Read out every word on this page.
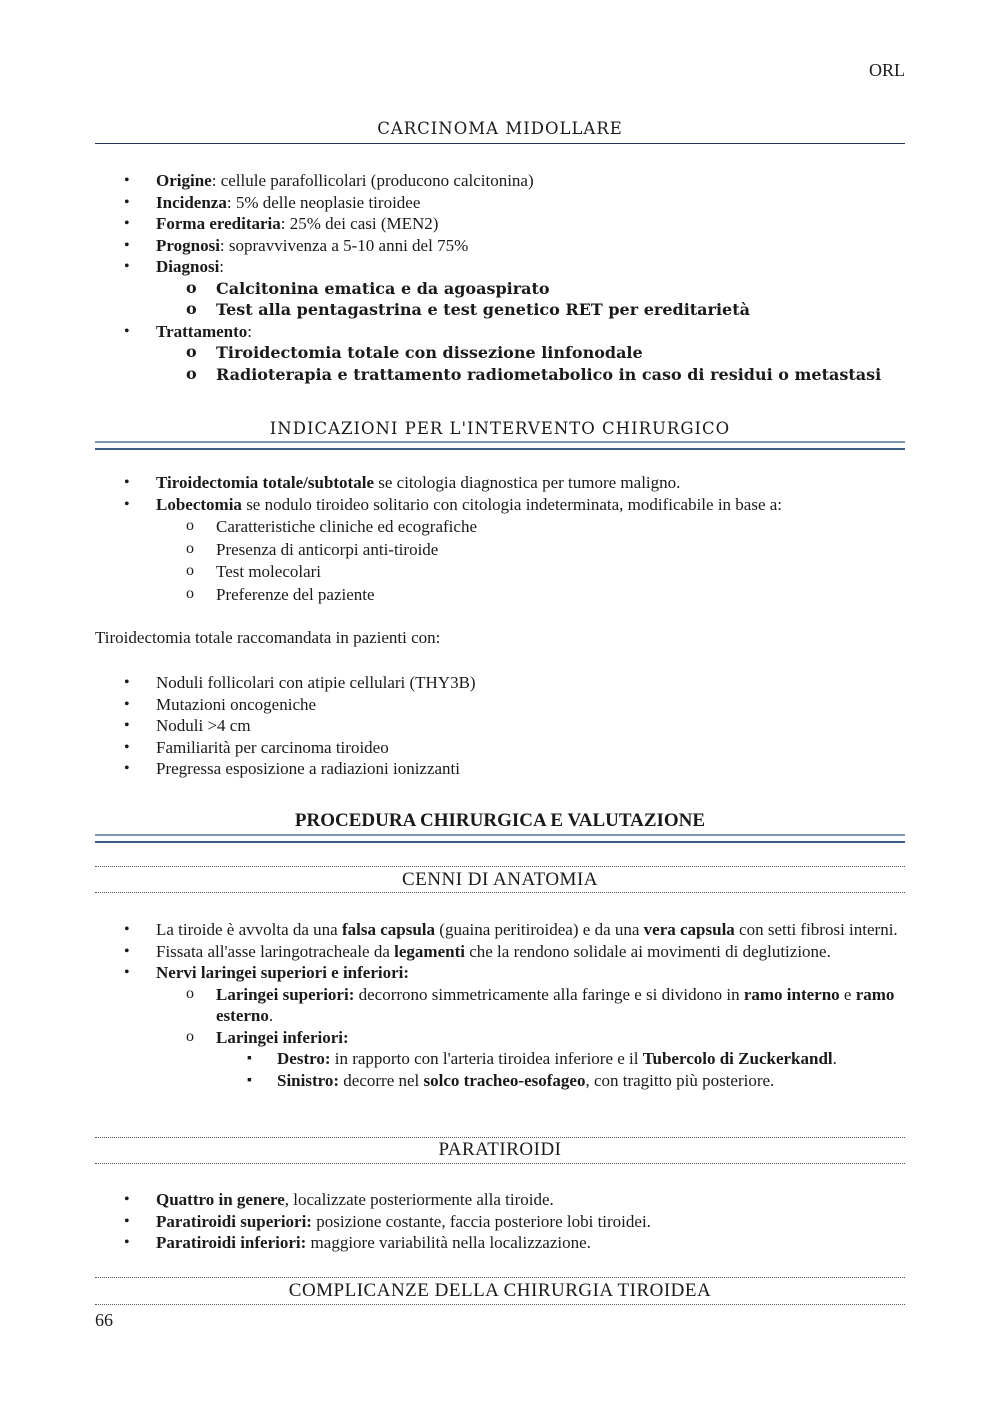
ORL
CARCINOMA MIDOLLARE
• Origine: cellule parafollicolari (producono calcitonina)
• Incidenza: 5% delle neoplasie tiroidee
• Forma ereditaria: 25% dei casi (MEN2)
• Prognosi: sopravvivenza a 5-10 anni del 75%
• Diagnosi:
o Calcitonina ematica e da agoaspirato
o Test alla pentagastrina e test genetico RET per ereditarietà
• Trattamento:
o Tiroidectomia totale con dissezione linfonodale
o Radioterapia e trattamento radiometabolico in caso di residui o metastasi
INDICAZIONI PER L'INTERVENTO CHIRURGICO
• Tiroidectomia totale/subtotale se citologia diagnostica per tumore maligno.
• Lobectomia se nodulo tiroideo solitario con citologia indeterminata, modificabile in base a:
o Caratteristiche cliniche ed ecografiche
o Presenza di anticorpi anti-tiroide
o Test molecolari
o Preferenze del paziente
Tiroidectomia totale raccomandata in pazienti con:
• Noduli follicolari con atipie cellulari (THY3B)
• Mutazioni oncogeniche
• Noduli >4 cm
• Familiarità per carcinoma tiroideo
• Pregressa esposizione a radiazioni ionizzanti
PROCEDURA CHIRURGICA E VALUTAZIONE
CENNI DI ANATOMIA
• La tiroide è avvolta da una falsa capsula (guaina peritiroidea) e da una vera capsula con setti fibrosi interni.
• Fissata all'asse laringotracheale da legamenti che la rendono solidale ai movimenti di deglutizione.
• Nervi laringei superiori e inferiori:
o Laringei superiori: decorrono simmetricamente alla faringe e si dividono in ramo interno e ramo esterno.
o Laringei inferiori:
▪ Destro: in rapporto con l'arteria tiroidea inferiore e il Tubercolo di Zuckerkandl.
▪ Sinistro: decorre nel solco tracheo-esofageo, con tragitto più posteriore.
PARATIROIDI
• Quattro in genere, localizzate posteriormente alla tiroide.
• Paratiroidi superiori: posizione costante, faccia posteriore lobi tiroidei.
• Paratiroidi inferiori: maggiore variabilità nella localizzazione.
COMPLICANZE DELLA CHIRURGIA TIROIDEA
66
